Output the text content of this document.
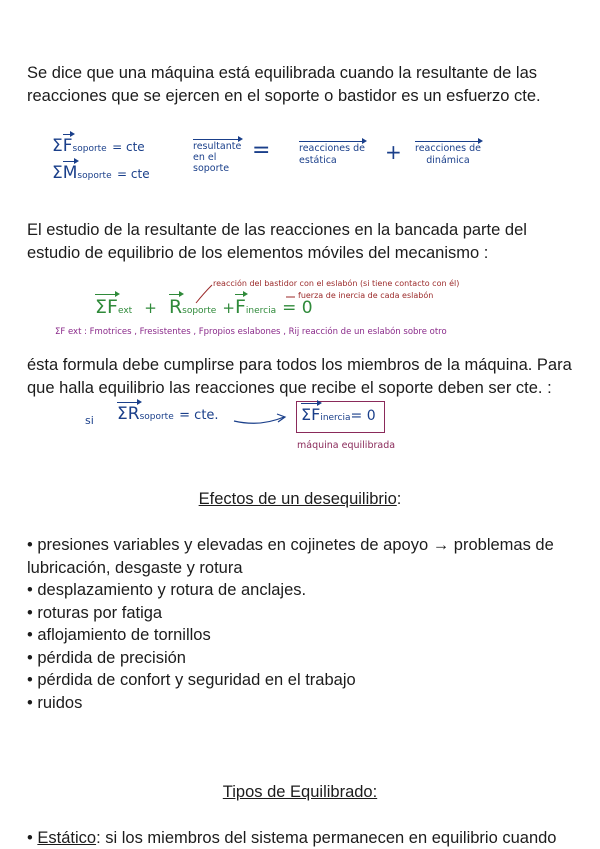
Se dice que una máquina está equilibrada cuando la resultante de las reacciones que se ejercen en el soporte o bastidor es un esfuerzo cte.

ΣFsoporte = cte
ΣMsoporte = cte
resultante
en el
soporte
=	reacciones de
estática	+ reacciones de
dinámica

El estudio de la resultante de las reacciones en la bancada parte del estudio de equilibrio de los elementos móviles del mecanismo :

reacción del bastidor con el eslabón (si tiene contacto con él)
fuerza de inercia de cada eslabón
ΣFext + Rsoporte +Finercia = 0
ΣF ext : Fmotrices , Fresistentes , Fpropios eslabones , Rij reacción de un eslabón sobre otro

ésta formula debe cumplirse para todos los miembros de la máquina. Para que halla equilibrio las reacciones que recibe el soporte deben ser cte. :

si ΣRsoporte = cte.	ΣFinercia= 0
máquina equilibrada
Efectos de un desequilibrio:
• presiones variables y elevadas en cojinetes de apoyo → problemas de lubricación, desgaste y rotura
• desplazamiento y rotura de anclajes.
• roturas por fatiga
• aflojamiento de tornillos
• pérdida de precisión
• pérdida de confort y seguridad en el trabajo
• ruidos
Tipos de Equilibrado:
• Estático: si los miembros del sistema permanecen en equilibrio cuando
